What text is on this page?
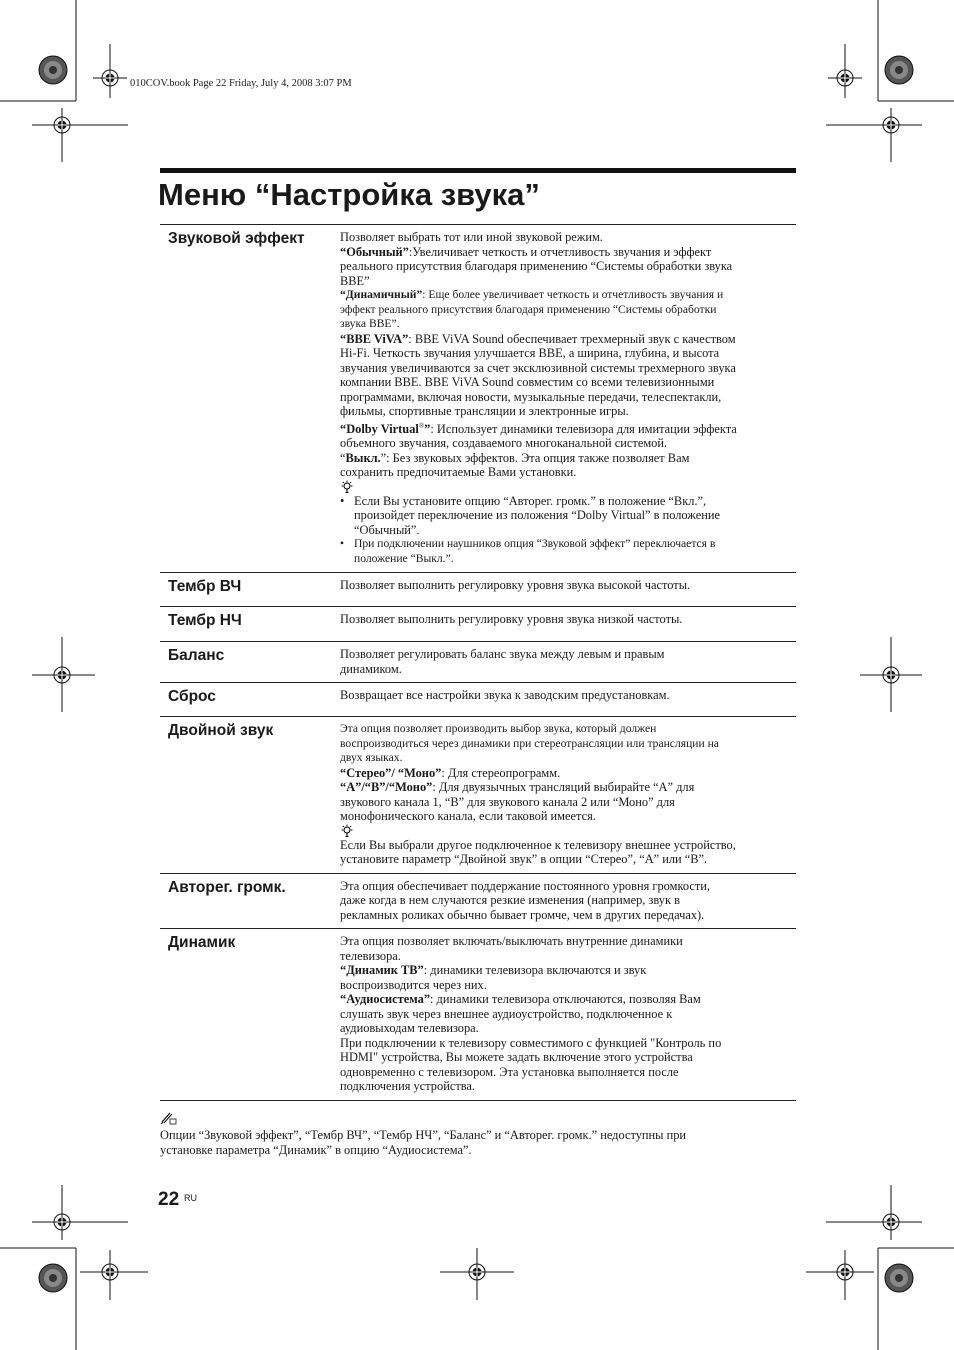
010COV.book Page 22 Friday, July 4, 2008 3:07 PM
Меню “Настройка звука”
Звуковой эффект	Позволяет выбрать тот или иной звуковой режим.
“Обычный”:Увеличивает четкость и отчетливость звучания и эффект
реального присутствия благодаря применению “Системы обработки звука
BBE”
“Динамичный”: Еще более увеличивает четкость и отчетливость звучания и
эффект реального присутствия благодаря применению “Системы обработки
звука BBE”.
“BBE ViVA”: BBE ViVA Sound обеспечивает трехмерный звук с качеством
Hi-Fi. Четкость звучания улучшается BBE, а ширина, глубина, и высота
звучания увеличиваются за счет эксклюзивной системы трехмерного звука
компании BBE. BBE ViVA Sound совместим со всеми телевизионными
программами, включая новости, музыкальные передачи, телеспектакли,
фильмы, спортивные трансляции и электронные игры.
“Dolby Virtual®”: Использует динамики телевизора для имитации эффекта
объемного звучания, создаваемого многоканальной системой.
“Выкл.”: Без звуковых эффектов. Эта опция также позволяет Вам
сохранить предпочитаемые Вами установки.
• Если Вы установите опцию “Авторег. громк.” в положение “Вкл.”,
произойдет переключение из положения “Dolby Virtual” в положение
“Обычный”.
• При подключении наушников опция “Звуковой эффект” переключается в
положение “Выкл.”.
Тембр ВЧ	Позволяет выполнить регулировку уровня звука высокой частоты.
Тембр НЧ	Позволяет выполнить регулировку уровня звука низкой частоты.
Баланс	Позволяет регулировать баланс звука между левым и правым
динамиком.
Сброс	Возвращает все настройки звука к заводским предустановкам.
Двойной звук	Эта опция позволяет производить выбор звука, который должен
воспроизводиться через динамики при стереотрансляции или трансляции на
двух языках.
“Стерео”/ “Моно”: Для стереопрограмм.
“A”/“B”/“Моно”: Для двуязычных трансляций выбирайте “A” для
звукового канала 1, “B” для звукового канала 2 или “Моно” для
монофонического канала, если таковой имеется.
Если Вы выбрали другое подключенное к телевизору внешнее устройство,
установите параметр “Двойной звук” в опции “Стерео”, “A” или “B”.
Авторег. громк.	Эта опция обеспечивает поддержание постоянного уровня громкости,
даже когда в нем случаются резкие изменения (например, звук в
рекламных роликах обычно бывает громче, чем в других передачах).
Динамик	Эта опция позволяет включать/выключать внутренние динамики
телевизора.
“Динамик ТВ”: динамики телевизора включаются и звук
воспроизводится через них.
“Аудиосистема”: динамики телевизора отключаются, позволяя Вам
слушать звук через внешнее аудиоустройство, подключенное к
аудиовыходам телевизора.
При подключении к телевизору совместимого с функцией "Контроль по
HDMI" устройства, Вы можете задать включение этого устройства
одновременно с телевизором. Эта установка выполняется после
подключения устройства.
Опции “Звуковой эффект”, “Тембр ВЧ”, “Тембр НЧ”, “Баланс” и “Авторег. громк.” недоступны при
установке параметра “Динамик” в опцию “Аудиосистема”.
22 RU
